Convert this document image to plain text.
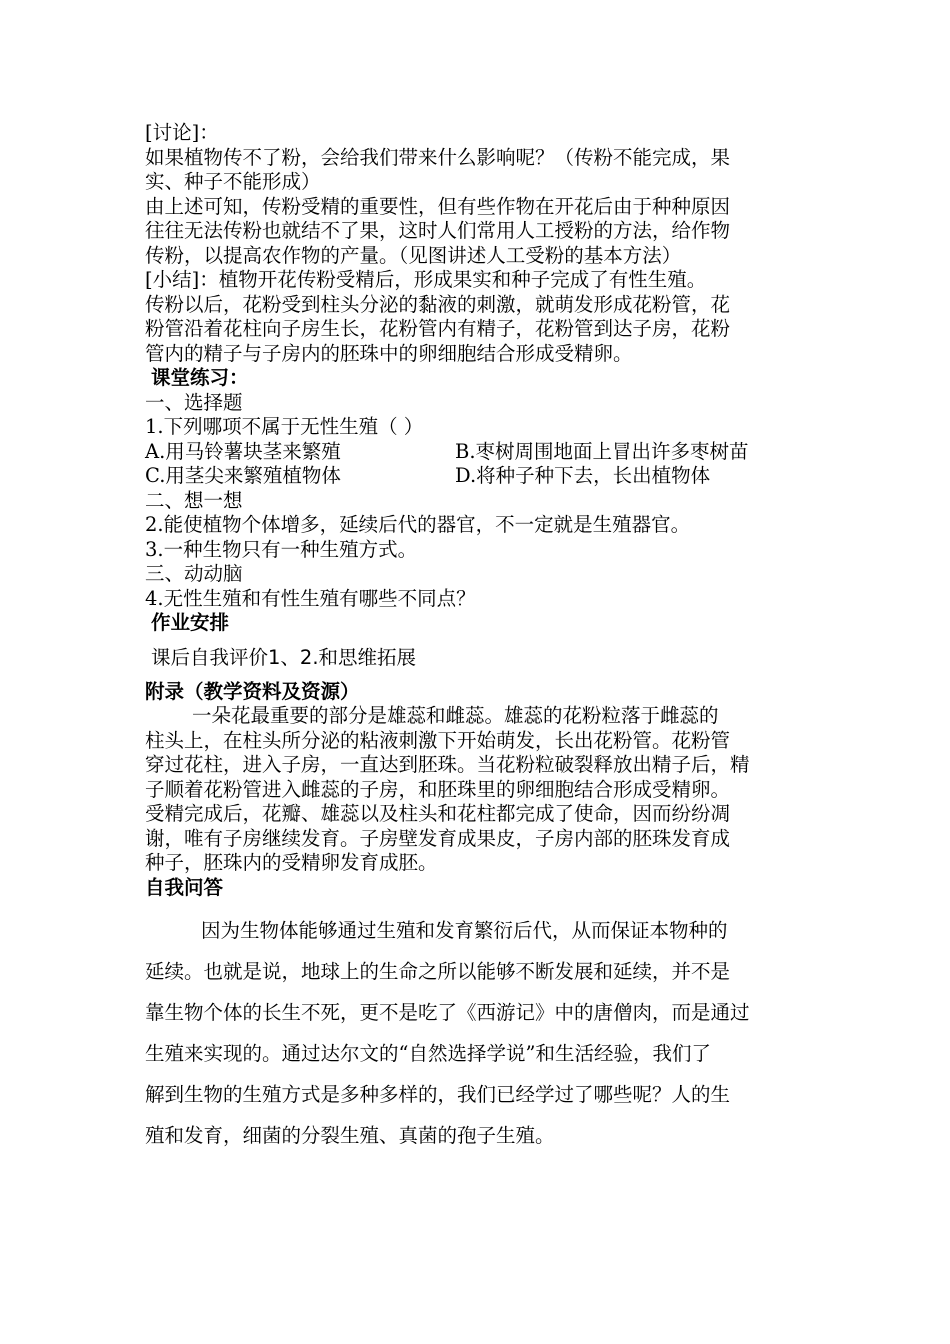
[讨论]：
如果植物传不了粉，会给我们带来什么影响呢？（传粉不能完成，果
实、种子不能形成）
由上述可知，传粉受精的重要性，但有些作物在开花后由于种种原因
往往无法传粉也就结不了果，这时人们常用人工授粉的方法，给作物
传粉，以提高农作物的产量。（见图讲述人工受粉的基本方法）
[小结]：植物开花传粉受精后，形成果实和种子完成了有性生殖。
传粉以后，花粉受到柱头分泌的黏液的刺激，就萌发形成花粉管，花
粉管沿着花柱向子房生长，花粉管内有精子，花粉管到达子房，花粉
管内的精子与子房内的胚珠中的卵细胞结合形成受精卵。
课堂练习：
一、选择题
1.下列哪项不属于无性生殖（ ）
A.用马铃薯块茎来繁殖	B.枣树周围地面上冒出许多枣树苗
C.用茎尖来繁殖植物体	D.将种子种下去，长出植物体
二、想一想
2.能使植物个体增多，延续后代的器官，不一定就是生殖器官。
3.一种生物只有一种生殖方式。
三、动动脑
4.无性生殖和有性生殖有哪些不同点？
作业安排
课后自我评价1、2.和思维拓展
附录（教学资料及资源）
一朵花最重要的部分是雄蕊和雌蕊。雄蕊的花粉粒落于雌蕊的
柱头上，在柱头所分泌的粘液刺激下开始萌发，长出花粉管。花粉管
穿过花柱，进入子房，一直达到胚珠。当花粉粒破裂释放出精子后，精
子顺着花粉管进入雌蕊的子房，和胚珠里的卵细胞结合形成受精卵。
受精完成后，花瓣、雄蕊以及柱头和花柱都完成了使命，因而纷纷凋
谢，唯有子房继续发育。子房壁发育成果皮，子房内部的胚珠发育成
种子，胚珠内的受精卵发育成胚。
自我问答
因为生物体能够通过生殖和发育繁衍后代，从而保证本物种的
延续。也就是说，地球上的生命之所以能够不断发展和延续，并不是
靠生物个体的长生不死，更不是吃了《西游记》中的唐僧肉，而是通过
生殖来实现的。通过达尔文的“自然选择学说”和生活经验，我们了
解到生物的生殖方式是多种多样的，我们已经学过了哪些呢？人的生
殖和发育，细菌的分裂生殖、真菌的孢子生殖。
